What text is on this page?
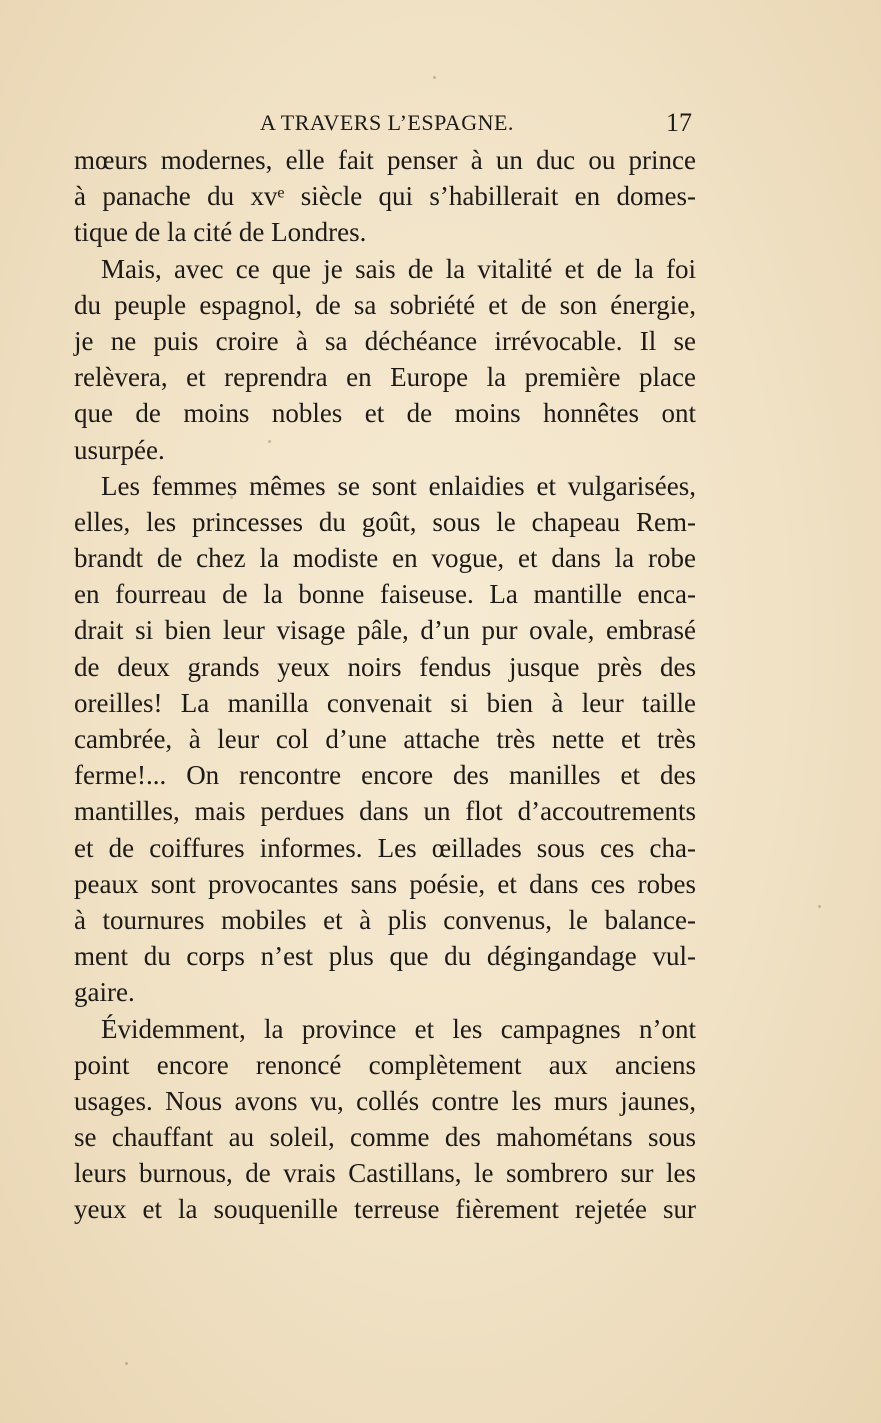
A TRAVERS L’ESPAGNE.	17
mœurs modernes, elle fait penser à un duc ou prince
à panache du xvᵉ siècle qui s’habillerait en domes-
tique de la cité de Londres.
Mais, avec ce que je sais de la vitalité et de la foi
du peuple espagnol, de sa sobriété et de son énergie,
je ne puis croire à sa déchéance irrévocable. Il se
relèvera, et reprendra en Europe la première place
que de moins nobles et de moins honnêtes ont
usurpée.
Les femmes mêmes se sont enlaidies et vulgarisées,
elles, les princesses du goût, sous le chapeau Rem-
brandt de chez la modiste en vogue, et dans la robe
en fourreau de la bonne faiseuse. La mantille enca-
drait si bien leur visage pâle, d’un pur ovale, embrasé
de deux grands yeux noirs fendus jusque près des
oreilles! La manilla convenait si bien à leur taille
cambrée, à leur col d’une attache très nette et très
ferme!... On rencontre encore des manilles et des
mantilles, mais perdues dans un flot d’accoutrements
et de coiffures informes. Les œillades sous ces cha-
peaux sont provocantes sans poésie, et dans ces robes
à tournures mobiles et à plis convenus, le balance-
ment du corps n’est plus que du dégingandage vul-
gaire.
Évidemment, la province et les campagnes n’ont
point encore renoncé complètement aux anciens
usages. Nous avons vu, collés contre les murs jaunes,
se chauffant au soleil, comme des mahométans sous
leurs burnous, de vrais Castillans, le sombrero sur les
yeux et la souquenille terreuse fièrement rejetée sur
